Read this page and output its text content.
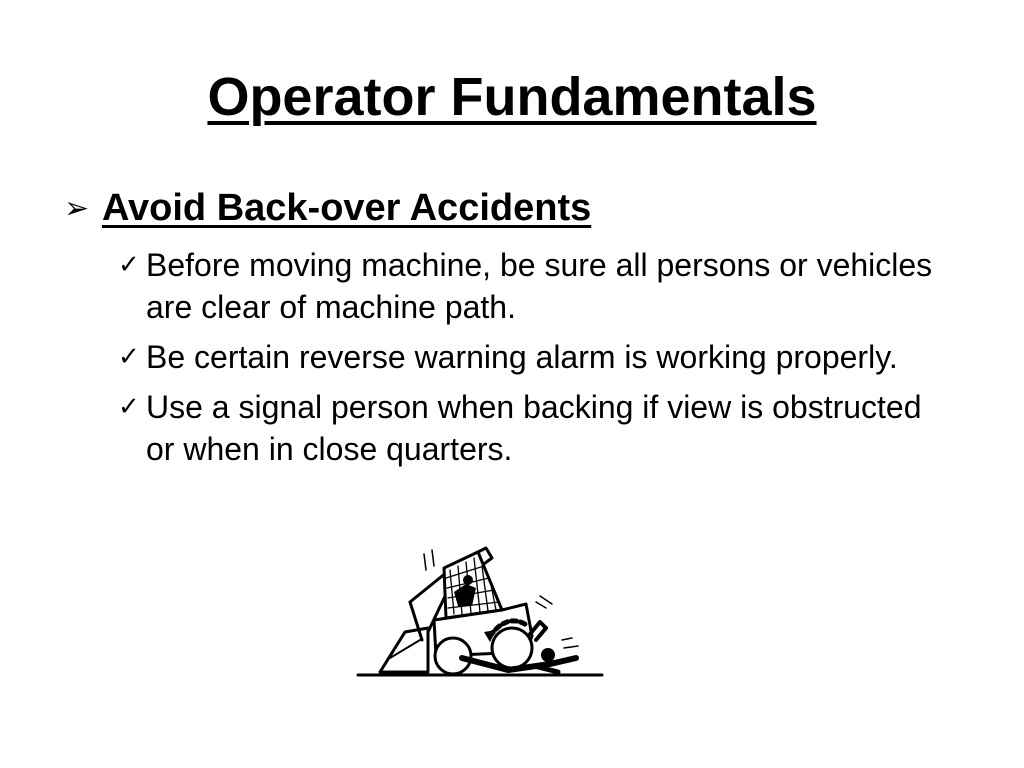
Operator Fundamentals
➢ Avoid Back-over Accidents
✓ Before moving machine, be sure all persons or vehicles are clear of machine path.
✓ Be certain reverse warning alarm is working properly.
✓ Use a signal person when backing if view is obstructed or when in close quarters.
